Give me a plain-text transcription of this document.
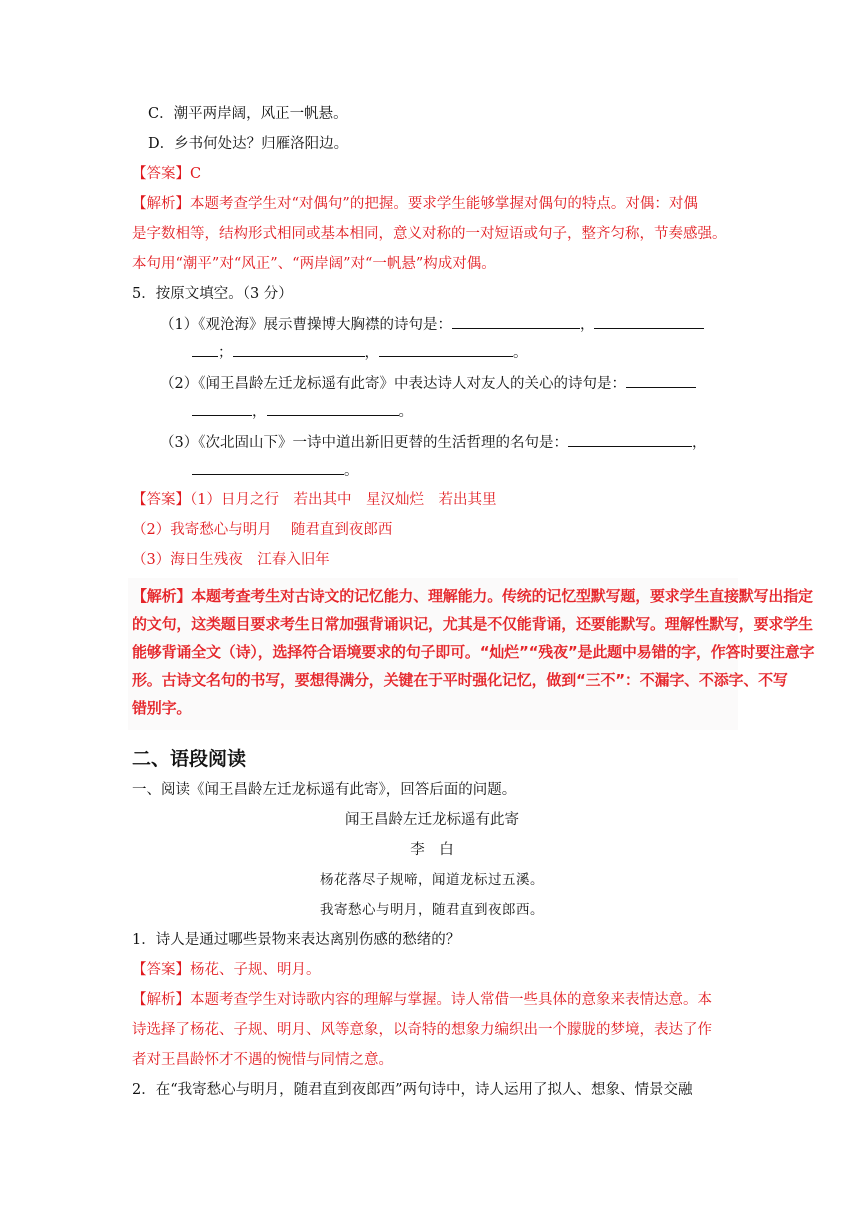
C．潮平两岸阔，风正一帆悬。
D．乡书何处达？归雁洛阳边。
【答案】C
【解析】本题考查学生对“对偶句”的把握。要求学生能够掌握对偶句的特点。对偶：对偶
是字数相等，结构形式相同或基本相同，意义对称的一对短语或句子，整齐匀称，节奏感强。
本句用“潮平”对“风正”、“两岸阔”对“一帆悬”构成对偶。
5．按原文填空。（3 分）
（1）《观沧海》展示曹操博大胸襟的诗句是：	，
；	，	。
（2）《闻王昌龄左迁龙标遥有此寄》中表达诗人对友人的关心的诗句是：
，	。
（3）《次北固山下》一诗中道出新旧更替的生活哲理的名句是：	，
。
【答案】（1）日月之行　若出其中　星汉灿烂　若出其里
（2）我寄愁心与明月　 随君直到夜郎西
（3）海日生残夜　江春入旧年
【解析】本题考查考生对古诗文的记忆能力、理解能力。传统的记忆型默写题，要求学生直接默写出指定
的文句，这类题目要求考生日常加强背诵识记，尤其是不仅能背诵，还要能默写。理解性默写，要求学生
能够背诵全文（诗），选择符合语境要求的句子即可。“灿烂”“残夜”是此题中易错的字，作答时要注意字
形。古诗文名句的书写，要想得满分，关键在于平时强化记忆，做到“三不”：不漏字、不添字、不写
错别字。
二、语段阅读
一、阅读《闻王昌龄左迁龙标遥有此寄》，回答后面的问题。
闻王昌龄左迁龙标遥有此寄
李　白
杨花落尽子规啼，闻道龙标过五溪。
我寄愁心与明月，随君直到夜郎西。
1．诗人是通过哪些景物来表达离别伤感的愁绪的？
【答案】杨花、子规、明月。
【解析】本题考查学生对诗歌内容的理解与掌握。诗人常借一些具体的意象来表情达意。本
诗选择了杨花、子规、明月、风等意象，以奇特的想象力编织出一个朦胧的梦境，表达了作
者对王昌龄怀才不遇的惋惜与同情之意。
2．在“我寄愁心与明月，随君直到夜郎西”两句诗中，诗人运用了拟人、想象、情景交融
